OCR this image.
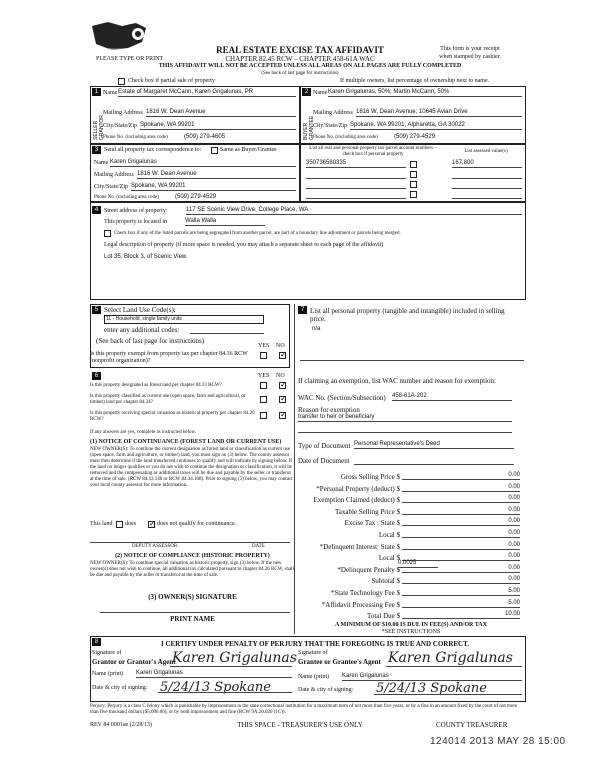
Washington State Department of Revenue	REAL ESTATE EXCISE TAX AFFIDAVIT
CHAPTER 82.45 RCW – CHAPTER 458-61A WAC
PLEASE TYPE OR PRINT
This form is your receipt
when stamped by cashier.
THIS AFFIDAVIT WILL NOT BE ACCEPTED UNLESS ALL AREAS ON ALL PAGES ARE FULLY COMPLETED
(See back of last page for instructions)
Check box if partial sale of property	If multiple owners, list percentage of ownership next to name.
1	2
SELLER GRANTOR	BUYER GRANTEE
Name Estate of Margaret McCann, Karen Grigalunas, PR
Mailing Address 1816 W. Dean Avenue
City/State/Zip Spokane, WA 99201
Phone No. (including area code)	(509) 279-4605
Name Karen Grigalunas, 50%; Martin McCann, 50%
Mailing Address 1816 W. Dean Avenue; 10645 Avian Drive
City/State/Zip Spokane, WA 99201; Alpharetta, GA 30022
Phone No. (including area code)	(509) 279-4529
3 Send all property tax correspondence to:	Same as Buyer/Grantee
Name Karen Grigalunas
Mailing Address 1816 W. Dean Avenue
City/State/Zip Spokane, WA 99201
Phone No. (including area code)	(509) 279-4529
List all real and personal property tax parcel account numbers – check box if personal property
List assessed value(s)
350736580335	167,800
4 Street address of property:	117 SE Scenic View Drive, College Place, WA
This property is located in	Walla Walla
Check box if any of the listed parcels are being segregated from another parcel, are part of a boundary line adjustment or parcels being merged.
Legal description of property (if more space is needed, you may attach a separate sheet to each page of the affidavit)
Lot 35, Block 3, of Scenic View.
5 Select Land Use Code(s):
11 - Household, single family units
enter any additional codes:
(See back of last page for instructions)
YES NO
Is this property exempt from property tax per chapter 84.36 RCW (nonprofit organization)?
✓
6	YES NO
Is this property designated as forest land per chapter 84.33 RCW?
✓
Is this property classified as current use (open space, farm and agricultural, or timber) land per chapter 84.34?
✓
Is this property receiving special valuation as historical property per chapter 84.26 RCW?
✓
If any answers are yes, complete as instructed below.
(1) NOTICE OF CONTINUANCE (FOREST LAND OR CURRENT USE)
NEW OWNER(S): To continue the current designation as forest land or classification as current use (open space, farm and agriculture, or timber) land, you must sign on (3) below. The county assessor must then determine if the land transferred continues to qualify and will indicate by signing below. If the land no longer qualifies or you do not wish to continue the designation or classification, it will be removed and the compensating or additional taxes will be due and payable by the seller or transferor at the time of sale. (RCW 84.33.140 or RCW 84.34.108). Prior to signing (3) below, you may contact your local county assessor for more information.
This land does ✓	does not qualify for continuance.
DEPUTY ASSESSOR	DATE
(2) NOTICE OF COMPLIANCE (HISTORIC PROPERTY)
NEW OWNER(S): To continue special valuation as historic property, sign (3) below. If the new owner(s) does not wish to continue, all additional tax calculated pursuant to chapter 84.26 RCW, shall be due and payable by the seller or transferor at the time of sale.
(3) OWNER(S) SIGNATURE
PRINT NAME
7 List all personal property (tangible and intangible) included in selling price.
n/a
If claiming an exemption, list WAC number and reason for exemption:
WAC No. (Section/Subsection) 458-61A-202
Reason for exemption
transfer to heir or beneficiary
Type of Document Personal Representative's Deed
Date of Document
Gross Selling Price $	0.00
*Personal Property (deduct) $	0.00
Exemption Claimed (deduct) $	0.00
Taxable Selling Price $	0.00
Excise Tax : State $	0.00
Local $	0.00
*Delinquent Interest: State $	0.00
Local $	0.00
*Delinquent Penalty $	0.00
Subtotal $	0.00
*State Technology Fee $	5.00
*Affidavit Processing Fee $	5.00
Total Due $	10.00
0.0025
A MINIMUM OF $10.00 IS DUE IN FEE(S) AND/OR TAX
*SEE INSTRUCTIONS
8	I CERTIFY UNDER PENALTY OF PERJURY THAT THE FOREGOING IS TRUE AND CORRECT.
Signature of
Grantor or Grantor's Agent
Karen Grigalunas
Name (print) Karen Grigalunas
Date & city of signing: 5/24/13 Spokane
Signature of
Grantee or Grantee's Agent Karen Grigalunas
Name (print) Karen Grigalunas
Date & city of signing: 5/24/13 Spokane
Perjury: Perjury is a class C felony which is punishable by imprisonment in the state correctional institution for a maximum term of not more than five years, or by a fine in an amount fixed by the court of not more than five thousand dollars ($5,000.00), or by both imprisonment and fine (RCW 9A.20.020 (1C)).
REV 84 0001ae (2/28/13)	THIS SPACE - TREASURER'S USE ONLY	COUNTY TREASURER
124014 2013 MAY 28 15:00
